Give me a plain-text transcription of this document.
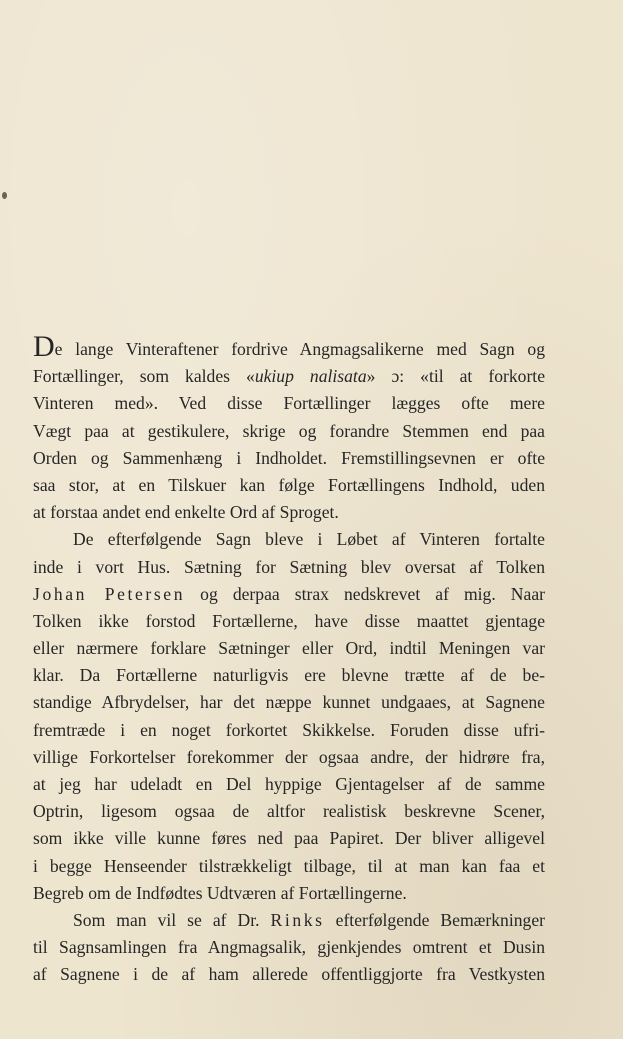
De lange Vinteraftener fordrive Angmagsalikerne med Sagn og
Fortællinger, som kaldes «ukiup nalisata» ɔ: «til at forkorte
Vinteren med». Ved disse Fortællinger lægges ofte mere
Vægt paa at gestikulere, skrige og forandre Stemmen end paa
Orden og Sammenhæng i Indholdet. Fremstillingsevnen er ofte
saa stor, at en Tilskuer kan følge Fortællingens Indhold, uden
at forstaa andet end enkelte Ord af Sproget.
De efterfølgende Sagn bleve i Løbet af Vinteren fortalte
inde i vort Hus. Sætning for Sætning blev oversat af Tolken
Johan Petersen og derpaa strax nedskrevet af mig. Naar
Tolken ikke forstod Fortællerne, have disse maattet gjentage
eller nærmere forklare Sætninger eller Ord, indtil Meningen var
klar. Da Fortællerne naturligvis ere blevne trætte af de be-
standige Afbrydelser, har det næppe kunnet undgaaes, at Sagnene
fremtræde i en noget forkortet Skikkelse. Foruden disse ufri-
villige Forkortelser forekommer der ogsaa andre, der hidrøre fra,
at jeg har udeladt en Del hyppige Gjentagelser af de samme
Optrin, ligesom ogsaa de altfor realistisk beskrevne Scener,
som ikke ville kunne føres ned paa Papiret. Der bliver alligevel
i begge Henseender tilstrækkeligt tilbage, til at man kan faa et
Begreb om de Indfødtes Udtværen af Fortællingerne.
Som man vil se af Dr. Rinks efterfølgende Bemærkninger
til Sagnsamlingen fra Angmagsalik, gjenkjendes omtrent et Dusin
af Sagnene i de af ham allerede offentliggjorte fra Vestkysten
